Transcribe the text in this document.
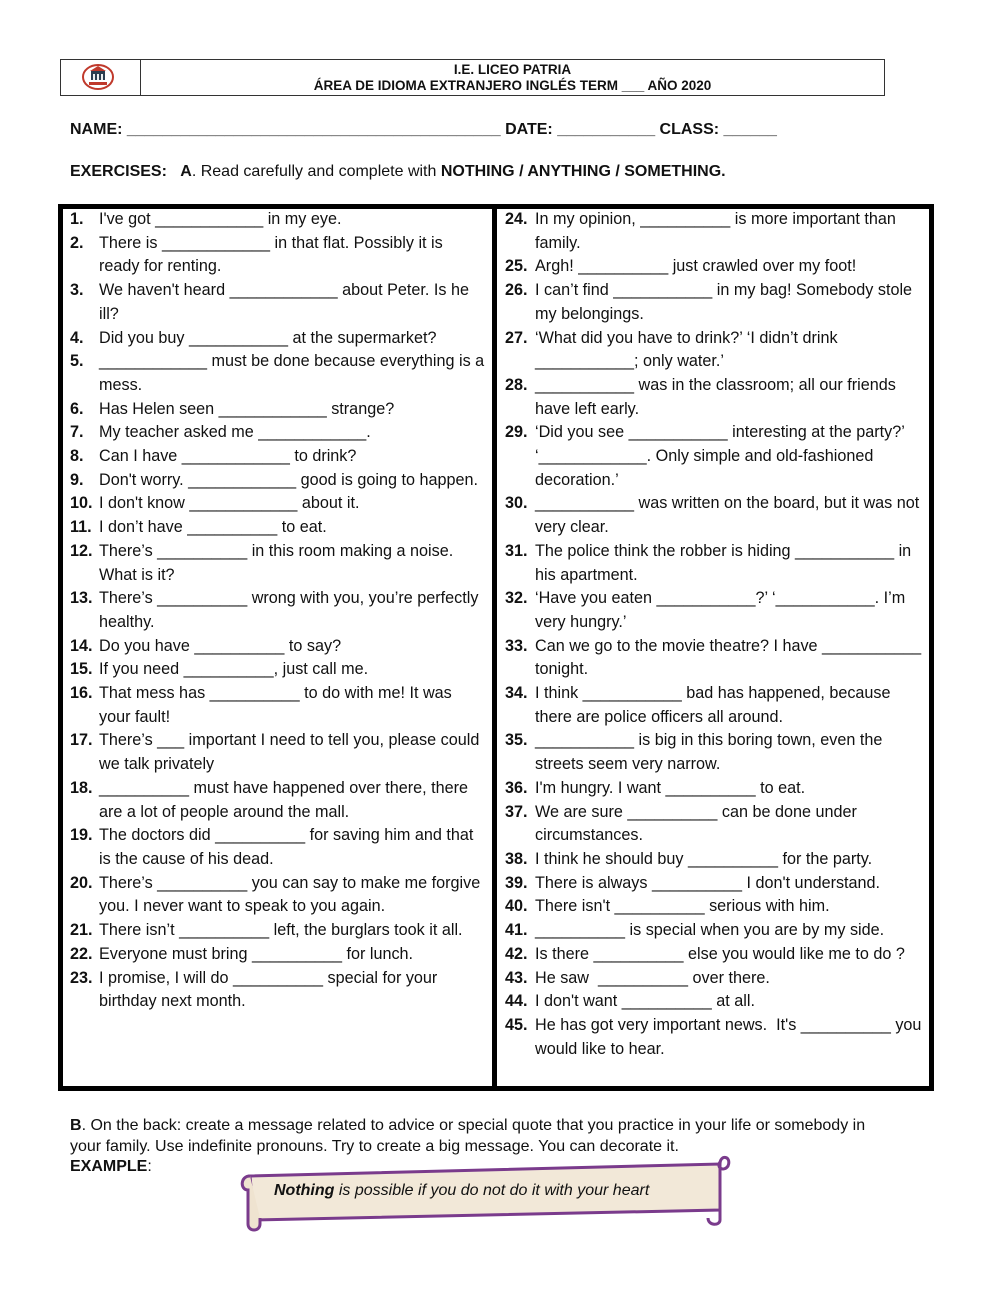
I.E. LICEO PATRIA
ÁREA DE IDIOMA EXTRANJERO INGLÉS TERM ___ AÑO 2020
NAME: __________________________________________ DATE: ___________ CLASS: ______
EXERCISES: A. Read carefully and complete with NOTHING / ANYTHING / SOMETHING.
1. I've got ____________ in my eye.
2. There is ____________ in that flat. Possibly it is ready for renting.
3. We haven't heard ____________ about Peter. Is he ill?
4. Did you buy ___________ at the supermarket?
5. ____________ must be done because everything is a mess.
6. Has Helen seen ____________ strange?
7. My teacher asked me ____________.
8. Can I have ____________ to drink?
9. Don't worry. ____________ good is going to happen.
10. I don't know ____________ about it.
11. I don’t have __________ to eat.
12. There’s __________ in this room making a noise. What is it?
13. There’s __________ wrong with you, you’re perfectly healthy.
14. Do you have __________ to say?
15. If you need __________, just call me.
16. That mess has __________ to do with me! It was your fault!
17. There’s ___ important I need to tell you, please could we talk privately
18. __________ must have happened over there, there are a lot of people around the mall.
19. The doctors did __________ for saving him and that is the cause of his dead.
20. There’s __________ you can say to make me forgive you. I never want to speak to you again.
21. There isn’t __________ left, the burglars took it all.
22. Everyone must bring __________ for lunch.
23. I promise, I will do __________ special for your birthday next month.
24. In my opinion, __________ is more important than family.
25. Argh! __________ just crawled over my foot!
26. I can’t find ___________ in my bag! Somebody stole my belongings.
27. ‘What did you have to drink?’ ‘I didn’t drink ___________; only water.’
28. ___________ was in the classroom; all our friends have left early.
29. ‘Did you see ___________ interesting at the party?’ ‘____________. Only simple and old-fashioned decoration.’
30. ___________ was written on the board, but it was not very clear.
31. The police think the robber is hiding ___________ in his apartment.
32. ‘Have you eaten ___________?’ ‘___________. I’m very hungry.’
33. Can we go to the movie theatre? I have ___________ tonight.
34. I think ___________ bad has happened, because there are police officers all around.
35. ___________ is big in this boring town, even the streets seem very narrow.
36. I'm hungry. I want __________ to eat.
37. We are sure __________ can be done under circumstances.
38. I think he should buy __________ for the party.
39. There is always __________ I don't understand.
40. There isn't __________ serious with him.
41. __________ is special when you are by my side.
42. Is there __________ else you would like me to do ?
43. He saw  __________ over there.
44. I don't want __________ at all.
45. He has got very important news.  It's __________ you would like to hear.
B. On the back: create a message related to advice or special quote that you practice in your life or somebody in your family. Use indefinite pronouns. Try to create a big message. You can decorate it.
EXAMPLE:
Nothing is possible if you do not do it with your heart
